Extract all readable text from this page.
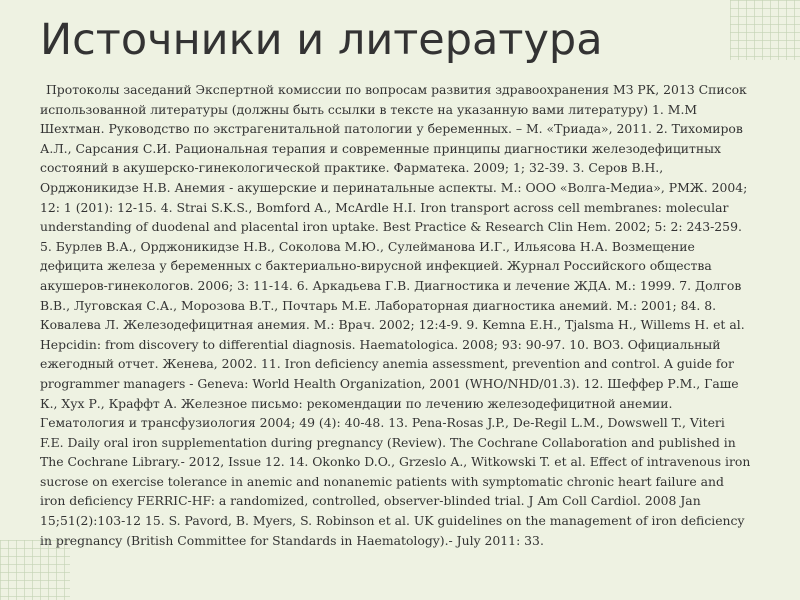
Источники и литература

Протоколы заседаний Экспертной комиссии по вопросам развития здравоохранения МЗ РК, 2013 Список использованной литературы (должны быть ссылки в тексте на указанную вами литературу) 1. М.М Шехтман. Руководство по экстрагенитальной патологии у беременных. – М. «Триада», 2011. 2. Тихомиров А.Л., Сарсания С.И. Рациональная терапия и современные принципы диагностики железодефицитных состояний в акушерско-гинекологической практике. Фарматека. 2009; 1; 32-39. 3. Серов В.Н., Орджоникидзе Н.В. Анемия - акушерские и перинатальные аспекты. М.: ООО «Волга-Медиа», РМЖ. 2004; 12: 1 (201): 12-15. 4. Strai S.K.S., Bomford A., McArdle H.I. Iron transport across cell membranes: molecular understanding of duodenal and placental iron uptake. Best Practice & Research Clin Hem. 2002; 5: 2: 243-259. 5. Бурлев В.А., Орджоникидзе Н.В., Соколова М.Ю., Сулейманова И.Г., Ильясова Н.А. Возмещение дефицита железа у беременных с бактериально-вирусной инфекцией. Журнал Российского общества акушеров-гинекологов. 2006; 3: 11-14. 6. Аркадьева Г.В. Диагностика и лечение ЖДА. М.: 1999. 7. Долгов В.В., Луговская С.А., Морозова В.Т., Почтарь М.Е. Лабораторная диагностика анемий. М.: 2001; 84. 8. Ковалева Л. Железодефицитная анемия. М.: Врач. 2002; 12:4-9. 9. Kemna E.H., Tjalsma H., Willems H. et al. Hepcidin: from discovery to differential diagnosis. Haematologica. 2008; 93: 90-97. 10. ВОЗ. Официальный ежегодный отчет. Женева, 2002. 11. Iron deficiency anemia assessment, prevention and control. A guide for programmer managers - Geneva: World Health Organization, 2001 (WHO/NHD/01.3). 12. Шеффер Р.М., Гаше К., Хух Р., Краффт А. Железное письмо: рекомендации по лечению железодефицитной анемии. Гематология и трансфузиология 2004; 49 (4): 40-48. 13. Pena-Rosas J.P., De-Regil L.M., Dowswell T., Viteri F.E. Daily oral iron supplementation during pregnancy (Review). The Cochrane Collaboration and published in The Cochrane Library.- 2012, Issue 12. 14. Okonko D.O., Grzeslo A., Witkowski T. et al. Effect of intravenous iron sucrose on exercise tolerance in anemic and nonanemic patients with symptomatic chronic heart failure and iron deficiency FERRIC-HF: a randomized, controlled, observer-blinded trial. J Am Coll Cardiol. 2008 Jan 15;51(2):103-12 15. S. Pavord, B. Myers, S. Robinson et al. UK guidelines on the management of iron deficiency in pregnancy (British Committee for Standards in Haematology).- July 2011: 33.
